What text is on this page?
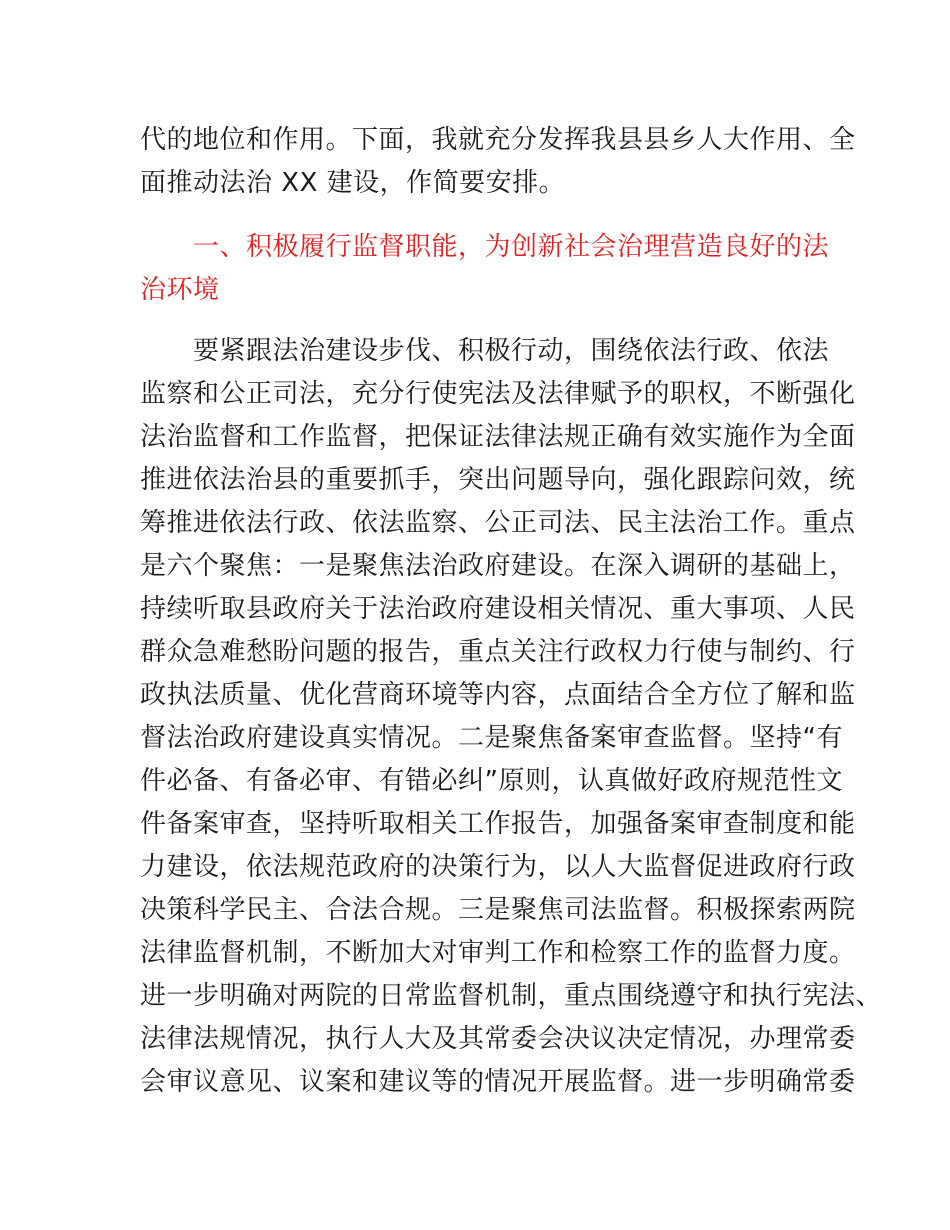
代的地位和作用。下面，我就充分发挥我县县乡人大作用、全
面推动法治 XX 建设，作简要安排。
一、积极履行监督职能，为创新社会治理营造良好的法
治环境
要紧跟法治建设步伐、积极行动，围绕依法行政、依法
监察和公正司法，充分行使宪法及法律赋予的职权，不断强化
法治监督和工作监督，把保证法律法规正确有效实施作为全面
推进依法治县的重要抓手，突出问题导向，强化跟踪问效，统
筹推进依法行政、依法监察、公正司法、民主法治工作。重点
是六个聚焦：一是聚焦法治政府建设。在深入调研的基础上，
持续听取县政府关于法治政府建设相关情况、重大事项、人民
群众急难愁盼问题的报告，重点关注行政权力行使与制约、行
政执法质量、优化营商环境等内容，点面结合全方位了解和监
督法治政府建设真实情况。二是聚焦备案审查监督。坚持“有
件必备、有备必审、有错必纠”原则，认真做好政府规范性文
件备案审查，坚持听取相关工作报告，加强备案审查制度和能
力建设，依法规范政府的决策行为，以人大监督促进政府行政
决策科学民主、合法合规。三是聚焦司法监督。积极探索两院
法律监督机制，不断加大对审判工作和检察工作的监督力度。
进一步明确对两院的日常监督机制，重点围绕遵守和执行宪法、
法律法规情况，执行人大及其常委会决议决定情况，办理常委
会审议意见、议案和建议等的情况开展监督。进一步明确常委
